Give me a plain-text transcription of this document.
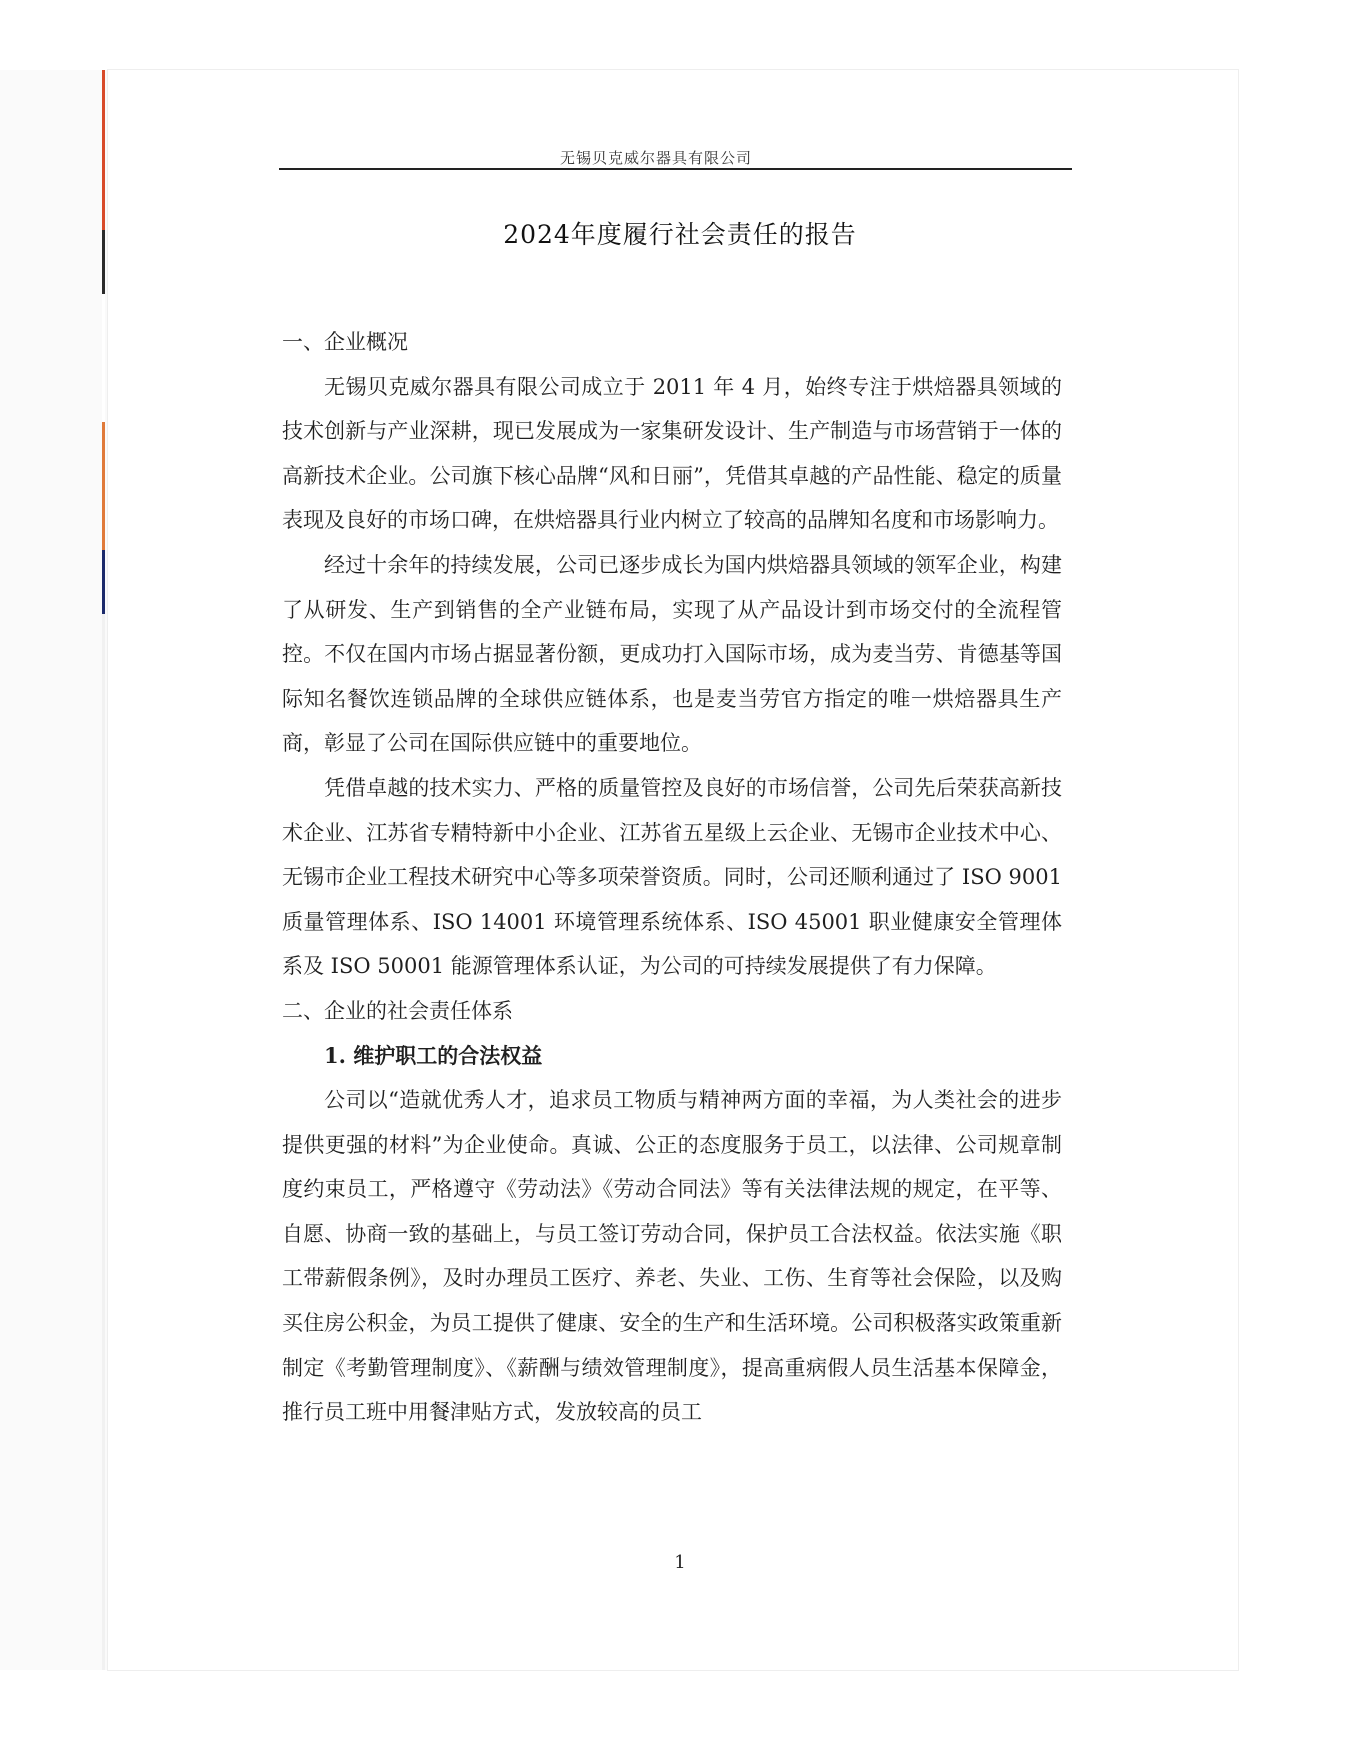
无锡贝克威尔器具有限公司
2024年度履行社会责任的报告

一、企业概况

无锡贝克威尔器具有限公司成立于 2011 年 4 月，始终专注于烘焙器具领域的技术创新与产业深耕，现已发展成为一家集研发设计、生产制造与市场营销于一体的高新技术企业。公司旗下核心品牌“风和日丽”，凭借其卓越的产品性能、稳定的质量表现及良好的市场口碑，在烘焙器具行业内树立了较高的品牌知名度和市场影响力。

经过十余年的持续发展，公司已逐步成长为国内烘焙器具领域的领军企业，构建了从研发、生产到销售的全产业链布局，实现了从产品设计到市场交付的全流程管控。不仅在国内市场占据显著份额，更成功打入国际市场，成为麦当劳、肯德基等国际知名餐饮连锁品牌的全球供应链体系，也是麦当劳官方指定的唯一烘焙器具生产商，彰显了公司在国际供应链中的重要地位。

凭借卓越的技术实力、严格的质量管控及良好的市场信誉，公司先后荣获高新技术企业、江苏省专精特新中小企业、江苏省五星级上云企业、无锡市企业技术中心、无锡市企业工程技术研究中心等多项荣誉资质。同时，公司还顺利通过了 ISO 9001 质量管理体系、ISO 14001 环境管理系统体系、ISO 45001 职业健康安全管理体系及 ISO 50001 能源管理体系认证，为公司的可持续发展提供了有力保障。

二、企业的社会责任体系

1. 维护职工的合法权益

公司以“造就优秀人才，追求员工物质与精神两方面的幸福，为人类社会的进步提供更强的材料”为企业使命。真诚、公正的态度服务于员工，以法律、公司规章制度约束员工，严格遵守《劳动法》《劳动合同法》等有关法律法规的规定，在平等、自愿、协商一致的基础上，与员工签订劳动合同，保护员工合法权益。依法实施《职工带薪假条例》，及时办理员工医疗、养老、失业、工伤、生育等社会保险，以及购买住房公积金，为员工提供了健康、安全的生产和生活环境。公司积极落实政策重新制定《考勤管理制度》、《薪酬与绩效管理制度》，提高重病假人员生活基本保障金，推行员工班中用餐津贴方式，发放较高的员工

1
